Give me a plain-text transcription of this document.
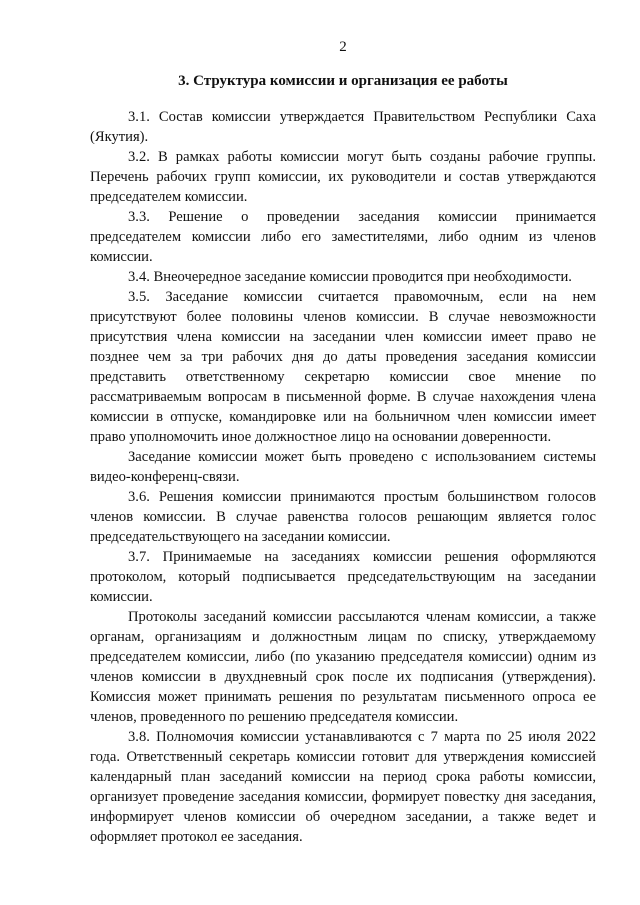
2
3. Структура комиссии и организация ее работы

3.1. Состав комиссии утверждается Правительством Республики Саха (Якутия).

3.2. В рамках работы комиссии могут быть созданы рабочие группы. Перечень рабочих групп комиссии, их руководители и состав утверждаются председателем комиссии.

3.3. Решение о проведении заседания комиссии принимается председателем комиссии либо его заместителями, либо одним из членов комиссии.

3.4. Внеочередное заседание комиссии проводится при необходимости.

3.5. Заседание комиссии считается правомочным, если на нем присутствуют более половины членов комиссии. В случае невозможности присутствия члена комиссии на заседании член комиссии имеет право не позднее чем за три рабочих дня до даты проведения заседания комиссии представить ответственному секретарю комиссии свое мнение по рассматриваемым вопросам в письменной форме. В случае нахождения члена комиссии в отпуске, командировке или на больничном член комиссии имеет право уполномочить иное должностное лицо на основании доверенности.

Заседание комиссии может быть проведено с использованием системы видео-конференц-связи.

3.6. Решения комиссии принимаются простым большинством голосов членов комиссии. В случае равенства голосов решающим является голос председательствующего на заседании комиссии.

3.7. Принимаемые на заседаниях комиссии решения оформляются протоколом, который подписывается председательствующим на заседании комиссии.

Протоколы заседаний комиссии рассылаются членам комиссии, а также органам, организациям и должностным лицам по списку, утверждаемому председателем комиссии, либо (по указанию председателя комиссии) одним из членов комиссии в двухдневный срок после их подписания (утверждения). Комиссия может принимать решения по результатам письменного опроса ее членов, проведенного по решению председателя комиссии.

3.8. Полномочия комиссии устанавливаются с 7 марта по 25 июля 2022 года. Ответственный секретарь комиссии готовит для утверждения комиссией календарный план заседаний комиссии на период срока работы комиссии, организует проведение заседания комиссии, формирует повестку дня заседания, информирует членов комиссии об очередном заседании, а также ведет и оформляет протокол ее заседания.
